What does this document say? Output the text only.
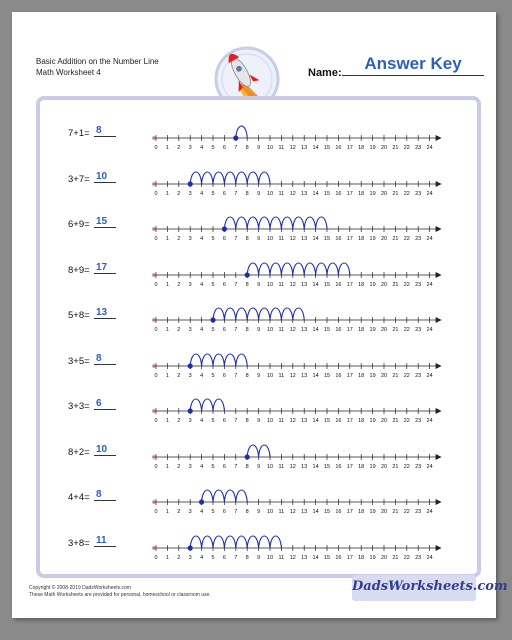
Basic Addition on the Number Line
Math Worksheet 4	Name:	Answer Key
7+1= 8
0 1 2 3 4 5 6 7 8 9 10 11 12 13 14 15 16 17 18 19 20 21 22 23 24
3+7= 10
0 1 2 3 4 5 6 7 8 9 10 11 12 13 14 15 16 17 18 19 20 21 22 23 24
6+9= 15
0 1 2 3 4 5 6 7 8 9 10 11 12 13 14 15 16 17 18 19 20 21 22 23 24
8+9= 17
0 1 2 3 4 5 6 7 8 9 10 11 12 13 14 15 16 17 18 19 20 21 22 23 24
5+8= 13
0 1 2 3 4 5 6 7 8 9 10 11 12 13 14 15 16 17 18 19 20 21 22 23 24
3+5= 8
0 1 2 3 4 5 6 7 8 9 10 11 12 13 14 15 16 17 18 19 20 21 22 23 24
3+3= 6
0 1 2 3 4 5 6 7 8 9 10 11 12 13 14 15 16 17 18 19 20 21 22 23 24
8+2= 10
0 1 2 3 4 5 6 7 8 9 10 11 12 13 14 15 16 17 18 19 20 21 22 23 24
4+4= 8
0 1 2 3 4 5 6 7 8 9 10 11 12 13 14 15 16 17 18 19 20 21 22 23 24
3+8= 11
0 1 2 3 4 5 6 7 8 9 10 11 12 13 14 15 16 17 18 19 20 21 22 23 24
Copyright © 2008-2019 DadsWorksheets.com
These Math Worksheets are provided for personal, homeschool or classroom use.
DadsWorksheets.com
